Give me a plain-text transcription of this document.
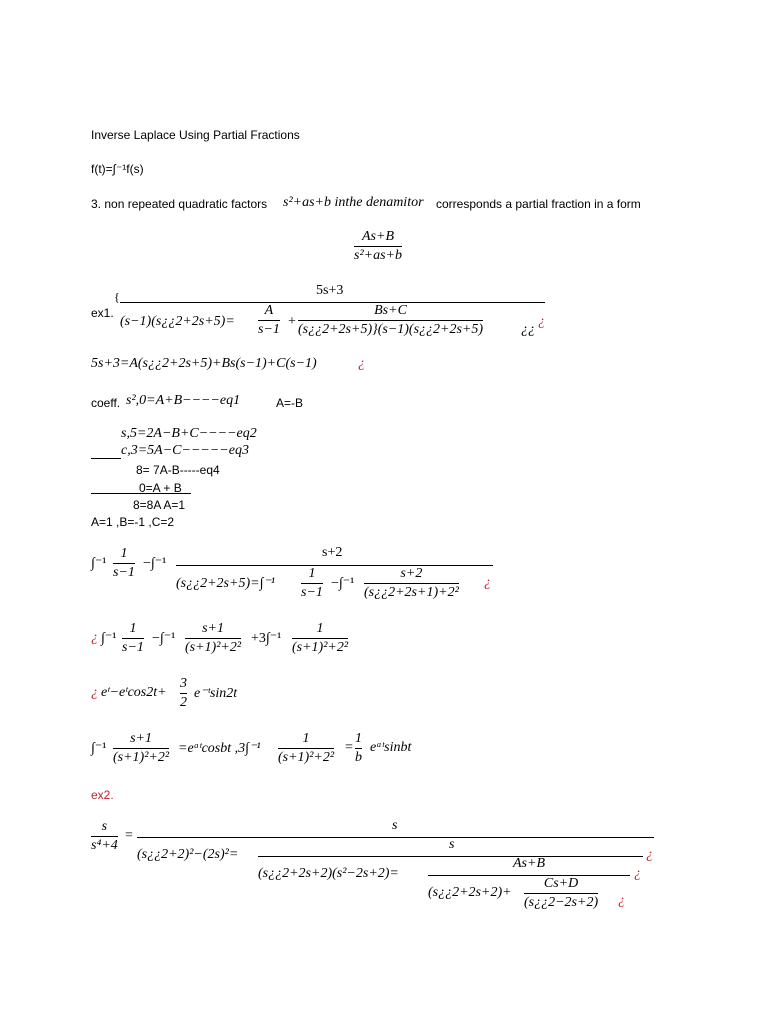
Inverse Laplace Using Partial Fractions
f(t)=∫⁻¹f(s)
3. non repeated quadratic factors s²+as+b inthe denamitor corresponds a partial fraction in a form
As+B
s²+as+b
ex1.
{	5s+3
(s−1)(s¿¿2+2s+5)=
A
s−1
+
Bs+C
(s¿¿2+2s+5)}(s−1)(s¿¿2+2s+5)	¿¿
¿
5s+3=A(s¿¿2+2s+5)+Bs(s−1)+C(s−1)	¿
coeff. s²,0=A+B−−−−eq1	A=-B
s,5=2A−B+C−−−−eq2
c,3=5A−C−−−−−eq3
8= 7A-B-----eq4
0=A + B
8=8A A=1
A=1 ,B=-1 ,C=2
∫⁻¹
1
s−1
−∫⁻¹
s+2
(s¿¿2+2s+5)=∫⁻¹
1
s−1
−∫⁻¹
s+2
(s¿¿2+2s+1)+2²
¿
¿ ∫⁻¹
1
s−1
−∫⁻¹
s+1
(s+1)²+2²
+3∫⁻¹
1
(s+1)²+2²
¿ eᵗ−eᵗcos2t+
3
2
e⁻ᵗsin2t
∫⁻¹
s+1
(s+1)²+2²
=eᵃᵗcosbt ,3∫⁻¹
1
(s+1)²+2²
=
1
b
eᵃᵗsinbt
ex2.
s
s⁴+4
=
s
(s¿¿2+2)²−(2s)²=
s
¿
(s¿¿2+2s+2)(s²−2s+2)=
As+B
¿
(s¿¿2+2s+2)+
Cs+D
(s¿¿2−2s+2) ¿
